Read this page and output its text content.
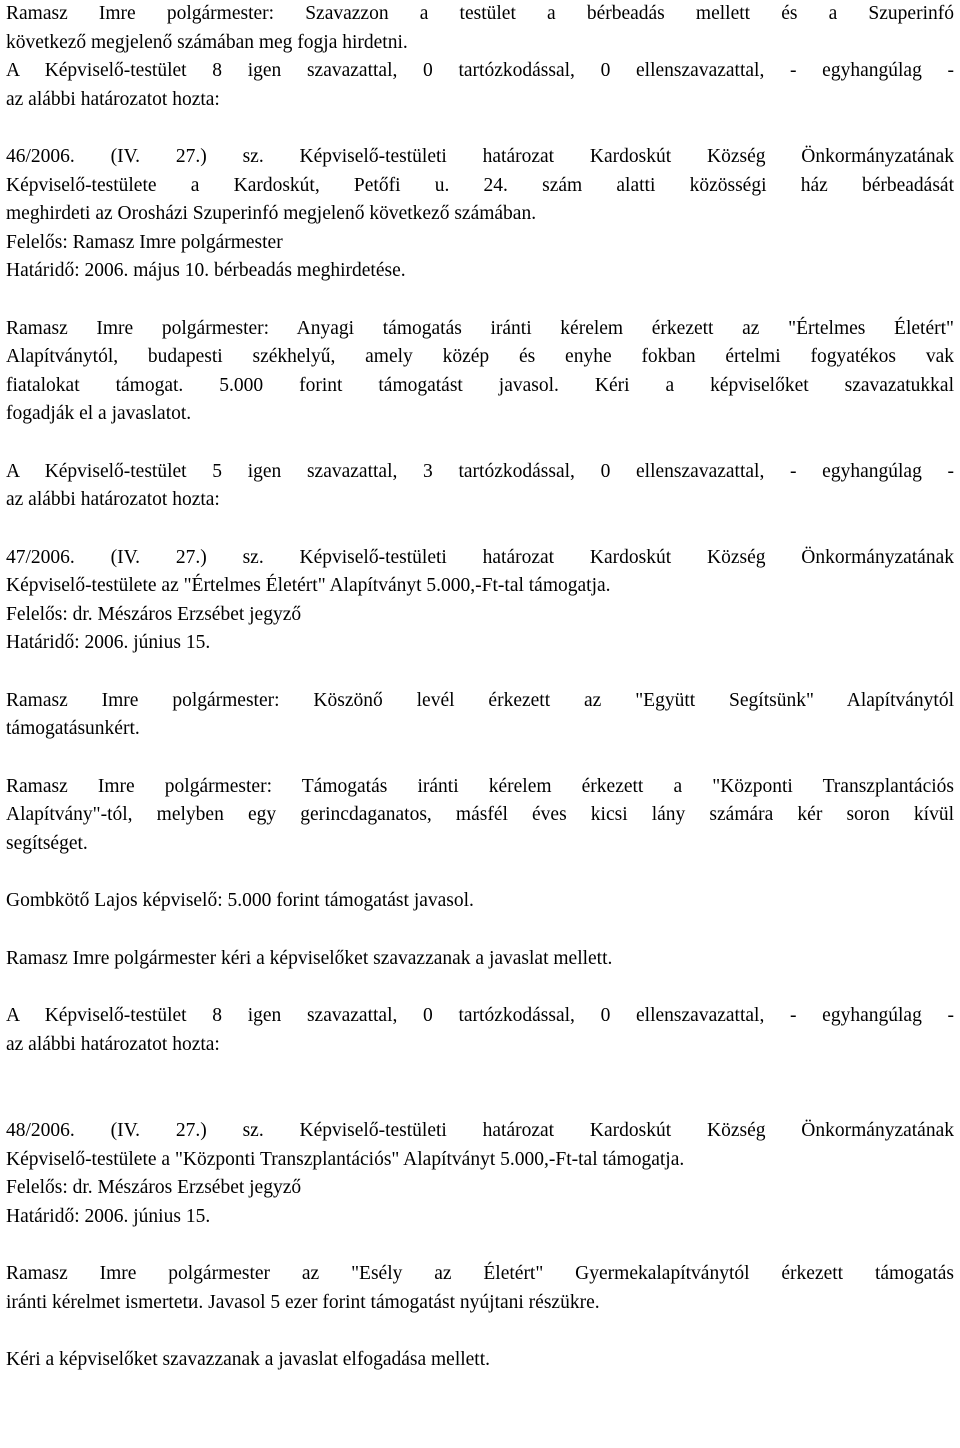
Ramasz Imre polgármester: Szavazzon a testület a bérbeadás mellett és a Szuperinfó
következő megjelenő számában meg fogja hirdetni.
A Képviselő-testület 8 igen szavazattal, 0 tartózkodással, 0 ellenszavazattal, - egyhangúlag -
az alábbi határozatot hozta:
46/2006. (IV. 27.) sz. Képviselő-testületi határozat Kardoskút Község Önkormányzatának
Képviselő-testülete a Kardoskút, Petőfi u. 24. szám alatti közösségi ház bérbeadását
meghirdeti az Orosházi Szuperinfó megjelenő következő számában.
Felelős: Ramasz Imre polgármester
Határidő: 2006. május 10. bérbeadás meghirdetése.
Ramasz Imre polgármester: Anyagi támogatás iránti kérelem érkezett az "Értelmes Életért"
Alapítványtól, budapesti székhelyű, amely közép és enyhe fokban értelmi fogyatékos vak
fiatalokat támogat. 5.000 forint támogatást javasol. Kéri a képviselőket szavazatukkal
fogadják el a javaslatot.
A Képviselő-testület 5 igen szavazattal, 3 tartózkodással, 0 ellenszavazattal, - egyhangúlag -
az alábbi határozatot hozta:
47/2006. (IV. 27.) sz. Képviselő-testületi határozat Kardoskút Község Önkormányzatának
Képviselő-testülete az "Értelmes Életért" Alapítványt 5.000,-Ft-tal támogatja.
Felelős: dr. Mészáros Erzsébet jegyző
Határidő: 2006. június 15.
Ramasz Imre polgármester: Köszönő levél érkezett az "Együtt Segítsünk" Alapítványtól
támogatásunkért.
Ramasz Imre polgármester: Támogatás iránti kérelem érkezett a "Központi Transzplantációs
Alapítvány"-tól, melyben egy gerincdaganatos, másfél éves kicsi lány számára kér soron kívül
segítséget.
Gombkötő Lajos képviselő: 5.000 forint támogatást javasol.
Ramasz Imre polgármester kéri a képviselőket szavazzanak a javaslat mellett.
A Képviselő-testület 8 igen szavazattal, 0 tartózkodással, 0 ellenszavazattal, - egyhangúlag -
az alábbi határozatot hozta:
48/2006. (IV. 27.) sz. Képviselő-testületi határozat Kardoskút Község Önkormányzatának
Képviselő-testülete a "Központi Transzplantációs" Alapítványt 5.000,-Ft-tal támogatja.
Felelős: dr. Mészáros Erzsébet jegyző
Határidő: 2006. június 15.
Ramasz Imre polgármester az "Esély az Életért" Gyermekalapítványtól érkezett támogatás
iránti kérelmet ismertetи. Javasol 5 ezer forint támogatást nyújtani részükre.
Kéri a képviselőket szavazzanak a javaslat elfogadása mellett.
